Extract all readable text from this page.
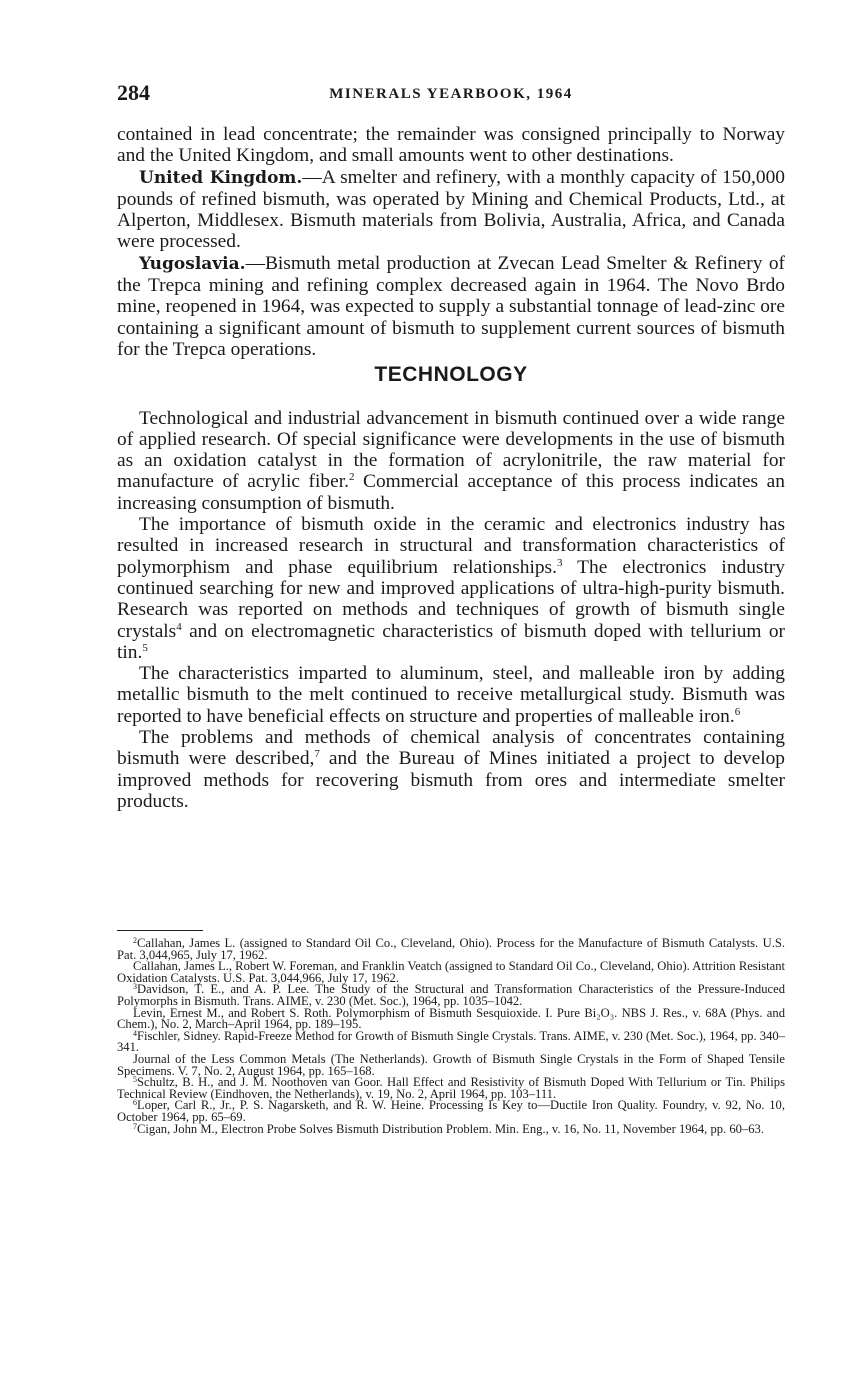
284	MINERALS YEARBOOK, 1964

contained in lead concentrate; the remainder was consigned principally to Norway and the United Kingdom, and small amounts went to other destinations.

United Kingdom.—A smelter and refinery, with a monthly capacity of 150,000 pounds of refined bismuth, was operated by Mining and Chemical Products, Ltd., at Alperton, Middlesex. Bismuth materials from Bolivia, Australia, Africa, and Canada were processed.

Yugoslavia.—Bismuth metal production at Zvecan Lead Smelter & Refinery of the Trepca mining and refining complex decreased again in 1964. The Novo Brdo mine, reopened in 1964, was expected to supply a substantial tonnage of lead-zinc ore containing a significant amount of bismuth to supplement current sources of bismuth for the Trepca operations.

TECHNOLOGY

Technological and industrial advancement in bismuth continued over a wide range of applied research. Of special significance were developments in the use of bismuth as an oxidation catalyst in the formation of acrylonitrile, the raw material for manufacture of acrylic fiber.$^2$ Commercial acceptance of this process indicates an increasing consumption of bismuth.

The importance of bismuth oxide in the ceramic and electronics industry has resulted in increased research in structural and transformation characteristics of polymorphism and phase equilibrium relationships.$^3$ The electronics industry continued searching for new and improved applications of ultra-high-purity bismuth. Research was reported on methods and techniques of growth of bismuth single crystals$^4$ and on electromagnetic characteristics of bismuth doped with tellurium or tin.$^5$

The characteristics imparted to aluminum, steel, and malleable iron by adding metallic bismuth to the melt continued to receive metallurgical study. Bismuth was reported to have beneficial effects on structure and properties of malleable iron.$^6$

The problems and methods of chemical analysis of concentrates containing bismuth were described,$^7$ and the Bureau of Mines initiated a project to develop improved methods for recovering bismuth from ores and intermediate smelter products.

$^2$Callahan, James L. (assigned to Standard Oil Co., Cleveland, Ohio). Process for the Manufacture of Bismuth Catalysts. U.S. Pat. 3,044,965, July 17, 1962.

Callahan, James L., Robert W. Foreman, and Franklin Veatch (assigned to Standard Oil Co., Cleveland, Ohio). Attrition Resistant Oxidation Catalysts. U.S. Pat. 3,044,966, July 17, 1962.

$^3$Davidson, T. E., and A. P. Lee. The Study of the Structural and Transformation Characteristics of the Pressure-Induced Polymorphs in Bismuth. Trans. AIME, v. 230 (Met. Soc.), 1964, pp. 1035–1042.

Levin, Ernest M., and Robert S. Roth. Polymorphism of Bismuth Sesquioxide. I. Pure Bi₂O₃. NBS J. Res., v. 68A (Phys. and Chem.), No. 2, March–April 1964, pp. 189–195.

$^4$Fischler, Sidney. Rapid-Freeze Method for Growth of Bismuth Single Crystals. Trans. AIME, v. 230 (Met. Soc.), 1964, pp. 340–341.

Journal of the Less Common Metals (The Netherlands). Growth of Bismuth Single Crystals in the Form of Shaped Tensile Specimens. V. 7, No. 2, August 1964, pp. 165–168.

$^5$Schultz, B. H., and J. M. Noothoven van Goor. Hall Effect and Resistivity of Bismuth Doped With Tellurium or Tin. Philips Technical Review (Eindhoven, the Netherlands), v. 19, No. 2, April 1964, pp. 103–111.

$^6$Loper, Carl R., Jr., P. S. Nagarsketh, and R. W. Heine. Processing Is Key to—Ductile Iron Quality. Foundry, v. 92, No. 10, October 1964, pp. 65–69.

$^7$Cigan, John M., Electron Probe Solves Bismuth Distribution Problem. Min. Eng., v. 16, No. 11, November 1964, pp. 60–63.
